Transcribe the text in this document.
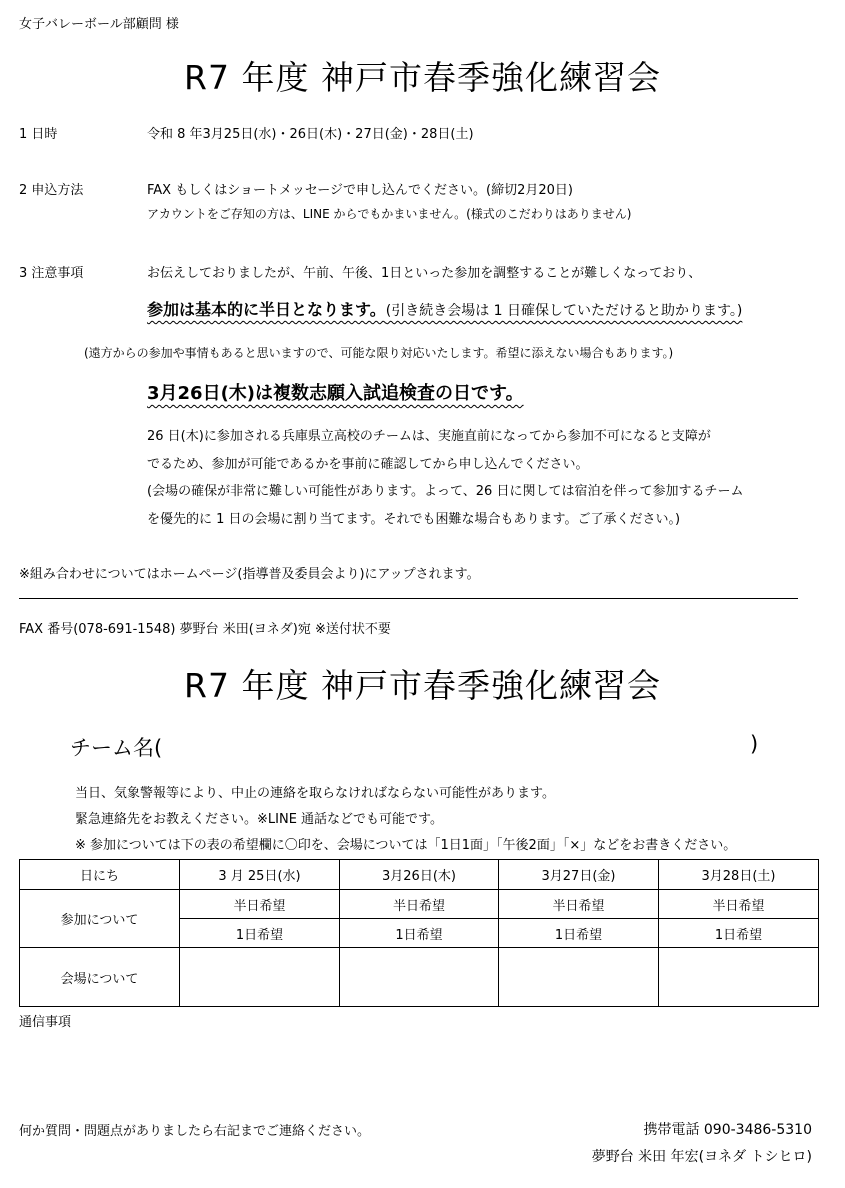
女子バレーボール部顧問 様
R7 年度 神戸市春季強化練習会
1 日時	令和 8 年3月25日(水)・26日(木)・27日(金)・28日(土)
2 申込方法	FAX もしくはショートメッセージで申し込んでください。(締切2月20日)
アカウントをご存知の方は、LINE からでもかまいません。(様式のこだわりはありません)
3 注意事項	お伝えしておりましたが、午前、午後、1日といった参加を調整することが難しくなっており、
参加は基本的に半日となります。(引き続き会場は 1 日確保していただけると助かります。)
(遠方からの参加や事情もあると思いますので、可能な限り対応いたします。希望に添えない場合もあります。)
3月26日(木)は複数志願入試追検査の日です。
26 日(木)に参加される兵庫県立高校のチームは、実施直前になってから参加不可になると支障が
でるため、参加が可能であるかを事前に確認してから申し込んでください。
(会場の確保が非常に難しい可能性があります。よって、26 日に関しては宿泊を伴って参加するチーム
を優先的に 1 日の会場に割り当てます。それでも困難な場合もあります。ご了承ください。)
※組み合わせについてはホームページ(指導普及委員会より)にアップされます。
FAX 番号(078-691-1548) 夢野台 米田(ヨネダ)宛 ※送付状不要
R7 年度 神戸市春季強化練習会
チーム名(	)
当日、気象警報等により、中止の連絡を取らなければならない可能性があります。
緊急連絡先をお教えください。※LINE 通話などでも可能です。
※ 参加については下の表の希望欄に〇印を、会場については「1日1面」「午後2面」「×」などをお書きください。
日にち	3 月 25日(水)	3月26日(木)	3月27日(金)	3月28日(土)
参加について	半日希望	半日希望	半日希望	半日希望
	1日希望	1日希望	1日希望	1日希望
会場について				
通信事項
何か質問・問題点がありましたら右記までご連絡ください。	携帯電話 090-3486-5310
夢野台 米田 年宏(ヨネダ トシヒロ)
